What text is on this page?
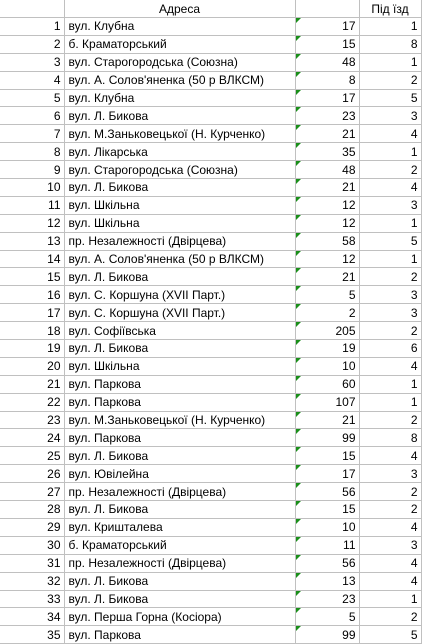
	Адреса		Під їзд
1	вул. Клубна	17	1
2	б. Краматорський	15	8
3	вул. Старогородська (Союзна)	48	1
4	вул. А. Солов'яненка (50 р ВЛКСМ)	8	2
5	вул. Клубна	17	5
6	вул. Л. Бикова	23	3
7	вул. М.Заньковецької (Н. Курченко)	21	4
8	вул. Лікарська	35	1
9	вул. Старогородська (Союзна)	48	2
10	вул. Л. Бикова	21	4
11	вул. Шкільна	12	3
12	вул. Шкільна	12	1
13	пр. Незалежності (Двірцева)	58	5
14	вул. А. Солов'яненка (50 р ВЛКСМ)	12	1
15	вул. Л. Бикова	21	2
16	вул. С. Коршуна (XVII Парт.)	5	3
17	вул. С. Коршуна (XVII Парт.)	2	3
18	вул. Софіївська	205	2
19	вул. Л. Бикова	19	6
20	вул. Шкільна	10	4
21	вул. Паркова	60	1
22	вул. Паркова	107	1
23	вул. М.Заньковецької (Н. Курченко)	21	2
24	вул. Паркова	99	8
25	вул. Л. Бикова	15	4
26	вул. Ювілейна	17	3
27	пр. Незалежності (Двірцева)	56	2
28	вул. Л. Бикова	15	2
29	вул. Кришталева	10	4
30	б. Краматорський	11	3
31	пр. Незалежності (Двірцева)	56	4
32	вул. Л. Бикова	13	4
33	вул. Л. Бикова	23	1
34	вул. Перша Горна (Косіора)	5	2
35	вул. Паркова	99	5
